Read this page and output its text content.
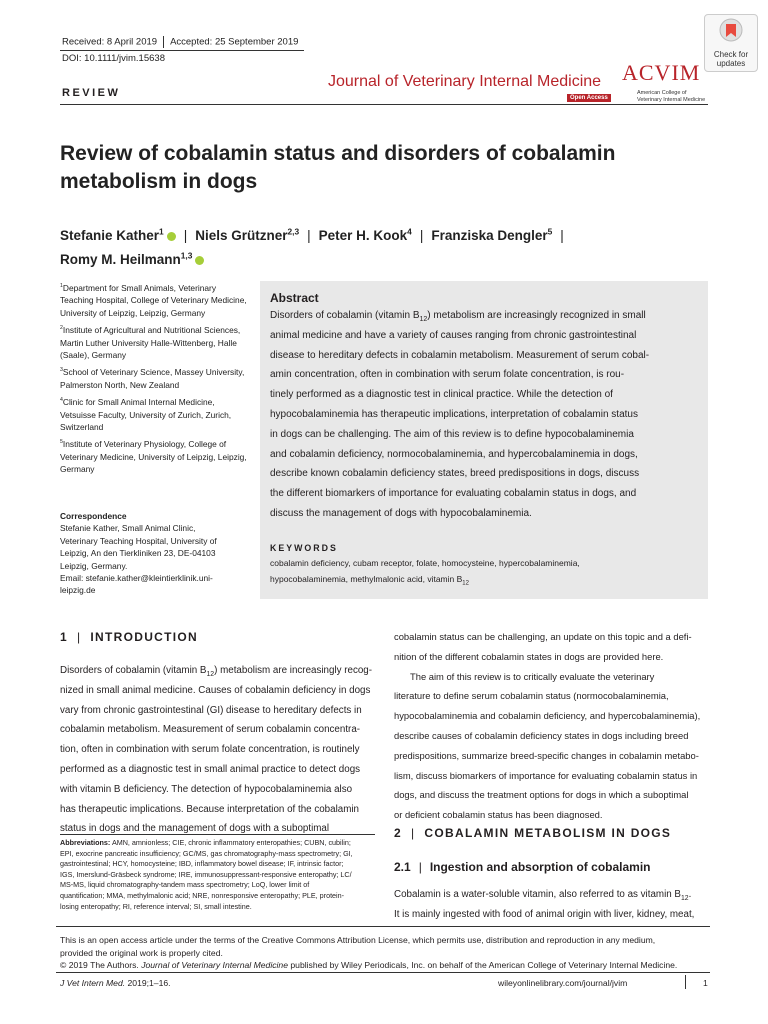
Received: 8 April 2019 Accepted: 25 September 2019
DOI: 10.1111/jvim.15638
REVIEW
Journal of Veterinary Internal Medicine
Open Access
ACVIM
American College of Veterinary Internal Medicine
Check for updates
Review of cobalamin status and disorders of cobalamin metabolism in dogs
Stefanie Kather$^1$ | Niels Grützner$^{2,3}$ | Peter H. Kook$^4$ | Franziska Dengler$^5$ |
Romy M. Heilmann$^{1,3}$

$^1$Department for Small Animals, Veterinary Teaching Hospital, College of Veterinary Medicine, University of Leipzig, Leipzig, Germany

$^2$Institute of Agricultural and Nutritional Sciences, Martin Luther University Halle-Wittenberg, Halle (Saale), Germany

$^3$School of Veterinary Science, Massey University, Palmerston North, New Zealand

$^4$Clinic for Small Animal Internal Medicine, Vetsuisse Faculty, University of Zurich, Zurich, Switzerland

$^5$Institute of Veterinary Physiology, College of Veterinary Medicine, University of Leipzig, Leipzig, Germany

Correspondence
Stefanie Kather, Small Animal Clinic,
Veterinary Teaching Hospital, University of
Leipzig, An den Tierkliniken 23, DE-04103
Leipzig, Germany.
Email: stefanie.kather@kleintierklinik.uni-
leipzig.de
Abstract
Disorders of cobalamin (vitamin $B_{12}$) metabolism are increasingly recognized in small
animal medicine and have a variety of causes ranging from chronic gastrointestinal
disease to hereditary defects in cobalamin metabolism. Measurement of serum cobal-
amin concentration, often in combination with serum folate concentration, is rou-
tinely performed as a diagnostic test in clinical practice. While the detection of
hypocobalaminemia has therapeutic implications, interpretation of cobalamin status
in dogs can be challenging. The aim of this review is to define hypocobalaminemia
and cobalamin deficiency, normocobalaminemia, and hypercobalaminemia in dogs,
describe known cobalamin deficiency states, breed predispositions in dogs, discuss
the different biomarkers of importance for evaluating cobalamin status in dogs, and
discuss the management of dogs with hypocobalaminemia.
KEYWORDS
cobalamin deficiency, cubam receptor, folate, homocysteine, hypercobalaminemia,
hypocobalaminemia, methylmalonic acid, vitamin $B_{12}$
1 | INTRODUCTION
Disorders of cobalamin (vitamin $B_{12}$) metabolism are increasingly recog-
nized in small animal medicine. Causes of cobalamin deficiency in dogs
vary from chronic gastrointestinal (GI) disease to hereditary defects in
cobalamin metabolism. Measurement of serum cobalamin concentra-
tion, often in combination with serum folate concentration, is routinely
performed as a diagnostic test in small animal practice to detect dogs
with vitamin B deficiency. The detection of hypocobalaminemia also
has therapeutic implications. Because interpretation of the cobalamin
status in dogs and the management of dogs with a suboptimal
Abbreviations: AMN, amnionless; CIE, chronic inflammatory enteropathies; CUBN, cubilin;
EPI, exocrine pancreatic insufficiency; GC/MS, gas chromatography-mass spectrometry; GI,
gastrointestinal; HCY, homocysteine; IBD, inflammatory bowel disease; IF, intrinsic factor;
IGS, Imerslund-Gräsbeck syndrome; IRE, immunosuppressant-responsive enteropathy; LC/
MS-MS, liquid chromatography-tandem mass spectrometry; LoQ, lower limit of
quantification; MMA, methylmalonic acid; NRE, nonresponsive enteropathy; PLE, protein-
losing enteropathy; RI, reference interval; SI, small intestine.
cobalamin status can be challenging, an update on this topic and a defi-
nition of the different cobalamin states in dogs are provided here.
The aim of this review is to critically evaluate the veterinary
literature to define serum cobalamin status (normocobalaminemia,
hypocobalaminemia and cobalamin deficiency, and hypercobalaminemia),
describe causes of cobalamin deficiency states in dogs including breed
predispositions, summarize breed-specific changes in cobalamin metabo-
lism, discuss biomarkers of importance for evaluating cobalamin status in
dogs, and discuss the treatment options for dogs in which a suboptimal
or deficient cobalamin status has been diagnosed.
2 | COBALAMIN METABOLISM IN DOGS
2.1 | Ingestion and absorption of cobalamin
Cobalamin is a water-soluble vitamin, also referred to as vitamin $B_{12}$.
It is mainly ingested with food of animal origin with liver, kidney, meat,
This is an open access article under the terms of the Creative Commons Attribution License, which permits use, distribution and reproduction in any medium,
provided the original work is properly cited.
© 2019 The Authors. Journal of Veterinary Internal Medicine published by Wiley Periodicals, Inc. on behalf of the American College of Veterinary Internal Medicine.
J Vet Intern Med. 2019;1–16.	wileyonlinelibrary.com/journal/jvim	1
